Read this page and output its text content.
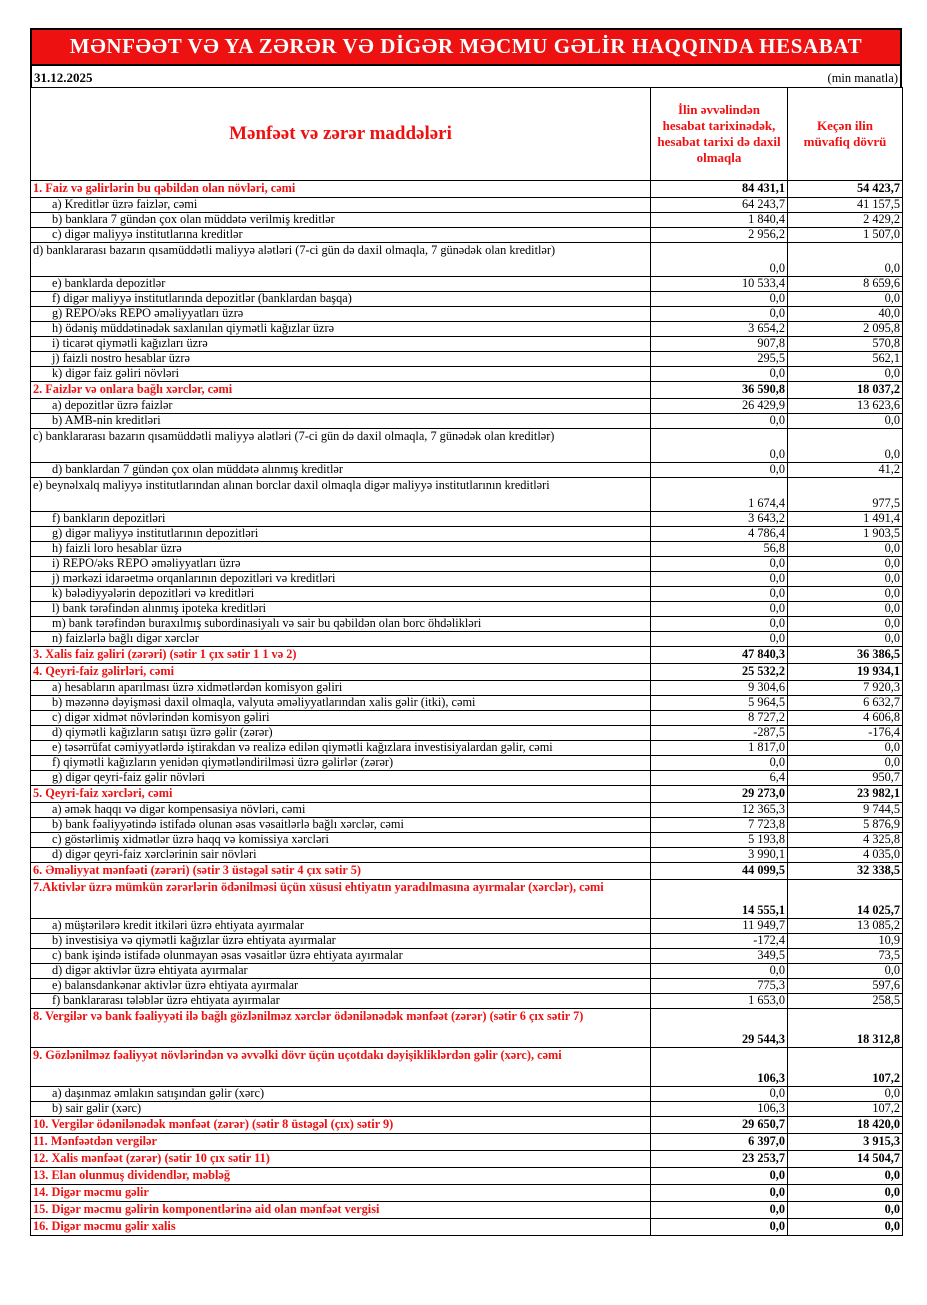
MƏNFƏƏT VƏ YA ZƏRƏR VƏ DİGƏR MƏCMU GƏLİR HAQQINDA HESABAT
31.12.2025	(min manatla)
Mənfəət və zərər maddələri	İlin əvvəlindən hesabat tarixinədək, hesabat tarixi də daxil olmaqla	Keçən ilin müvafiq dövrü
1. Faiz və gəlirlərin bu qəbildən olan növləri, cəmi	84 431,1	54 423,7
a) Kreditlər üzrə faizlər, cəmi	64 243,7	41 157,5
b) banklara 7 gündən çox olan müddətə verilmiş kreditlər	1 840,4	2 429,2
c) digər maliyyə institutlarına kreditlər	2 956,2	1 507,0
d) banklararası bazarın qısamüddətli maliyyə alətləri (7-ci gün də daxil olmaqla, 7 günədək olan kreditlər)	0,0	0,0
e) banklarda depozitlər	10 533,4	8 659,6
f) digər maliyyə institutlarında depozitlər (banklardan başqa)	0,0	0,0
g) REPO/əks REPO əməliyyatları üzrə	0,0	40,0
h) ödəniş müddətinədək saxlanılan qiymətli kağızlar üzrə	3 654,2	2 095,8
i) ticarət qiymətli kağızları üzrə	907,8	570,8
j) faizli nostro hesablar üzrə	295,5	562,1
k) digər faiz gəliri növləri	0,0	0,0
2. Faizlər və onlara bağlı xərclər, cəmi	36 590,8	18 037,2
a) depozitlər üzrə faizlər	26 429,9	13 623,6
b) AMB-nin kreditləri	0,0	0,0
c) banklararası bazarın qısamüddətli maliyyə alətləri (7-ci gün də daxil olmaqla, 7 günədək olan kreditlər)	0,0	0,0
d) banklardan 7 gündən çox olan müddətə alınmış kreditlər	0,0	41,2
e) beynəlxalq maliyyə institutlarından alınan borclar daxil olmaqla digər maliyyə institutlarının kreditləri	1 674,4	977,5
f) bankların depozitləri	3 643,2	1 491,4
g) digər maliyyə institutlarının depozitləri	4 786,4	1 903,5
h) faizli loro hesablar üzrə	56,8	0,0
i) REPO/əks REPO əməliyyatları üzrə	0,0	0,0
j) mərkəzi idarəetmə orqanlarının depozitləri və kreditləri	0,0	0,0
k) bələdiyyələrin depozitləri və kreditləri	0,0	0,0
l) bank tərəfindən alınmış ipoteka kreditləri	0,0	0,0
m) bank tərəfindən buraxılmış subordinasiyalı və sair bu qəbildən olan borc öhdəlikləri	0,0	0,0
n) faizlərlə bağlı digər xərclər	0,0	0,0
3. Xalis faiz gəliri (zərəri) (sətir 1 çıx sətir 1 1 və 2)	47 840,3	36 386,5
4. Qeyri-faiz gəlirləri, cəmi	25 532,2	19 934,1
a) hesabların aparılması üzrə xidmətlərdən komisyon gəliri	9 304,6	7 920,3
b) məzənnə dəyişməsi daxil olmaqla, valyuta əməliyyatlarından xalis gəlir (itki), cəmi	5 964,5	6 632,7
c) digər xidmət növlərindən komisyon gəliri	8 727,2	4 606,8
d) qiymətli kağızların satışı üzrə gəlir (zərər)	-287,5	-176,4
e) təsərrüfat cəmiyyətlərdə iştirakdan və realizə edilən qiymətli kağızlara investisiyalardan gəlir, cəmi	1 817,0	0,0
f) qiymətli kağızların yenidən qiymətləndirilməsi üzrə gəlirlər (zərər)	0,0	0,0
g) digər qeyri-faiz gəlir növləri	6,4	950,7
5. Qeyri-faiz xərcləri, cəmi	29 273,0	23 982,1
a) əmək haqqı və digər kompensasiya növləri, cəmi	12 365,3	9 744,5
b) bank fəaliyyətində istifadə olunan əsas vəsaitlərlə bağlı xərclər, cəmi	7 723,8	5 876,9
c) göstərlimiş xidmətlər üzrə haqq və komissiya xərcləri	5 193,8	4 325,8
d) digər qeyri-faiz xərclərinin sair növləri	3 990,1	4 035,0
6. Əməliyyat mənfəəti (zərəri) (sətir 3 üstəgəl sətir 4 çıx sətir 5)	44 099,5	32 338,5
7.Aktivlər üzrə mümkün zərərlərin ödənilməsi üçün xüsusi ehtiyatın yaradılmasına ayırmalar (xərclər), cəmi	14 555,1	14 025,7
a) müştərilərə kredit itkiləri üzrə ehtiyata ayırmalar	11 949,7	13 085,2
b) investisiya və qiymətli kağızlar üzrə ehtiyata ayırmalar	-172,4	10,9
c) bank işində istifadə olunmayan əsas vəsaitlər üzrə ehtiyata ayırmalar	349,5	73,5
d) digər aktivlər üzrə ehtiyata ayırmalar	0,0	0,0
e) balansdankənar aktivlər üzrə ehtiyata ayırmalar	775,3	597,6
f) banklararası tələblər üzrə ehtiyata ayırmalar	1 653,0	258,5
8. Vergilər və bank fəaliyyəti ilə bağlı gözlənilməz xərclər ödənilənədək mənfəət (zərər) (sətir 6 çıx sətir 7)	29 544,3	18 312,8
9. Gözlənilməz fəaliyyət növlərindən və əvvəlki dövr üçün uçotdakı dəyişikliklərdən gəlir (xərc), cəmi	106,3	107,2
a) daşınmaz əmlakın satışından gəlir (xərc)	0,0	0,0
b) sair gəlir (xərc)	106,3	107,2
10. Vergilər ödənilənədək mənfəət (zərər) (sətir 8 üstəgəl (çıx) sətir 9)	29 650,7	18 420,0
11. Mənfəətdən vergilər	6 397,0	3 915,3
12. Xalis mənfəət (zərər) (sətir 10 çıx sətir 11)	23 253,7	14 504,7
13. Elan olunmuş dividendlər, məbləğ	0,0	0,0
14. Digər məcmu gəlir	0,0	0,0
15. Digər məcmu gəlirin komponentlərinə aid olan mənfəət vergisi	0,0	0,0
16. Digər məcmu gəlir xalis	0,0	0,0
